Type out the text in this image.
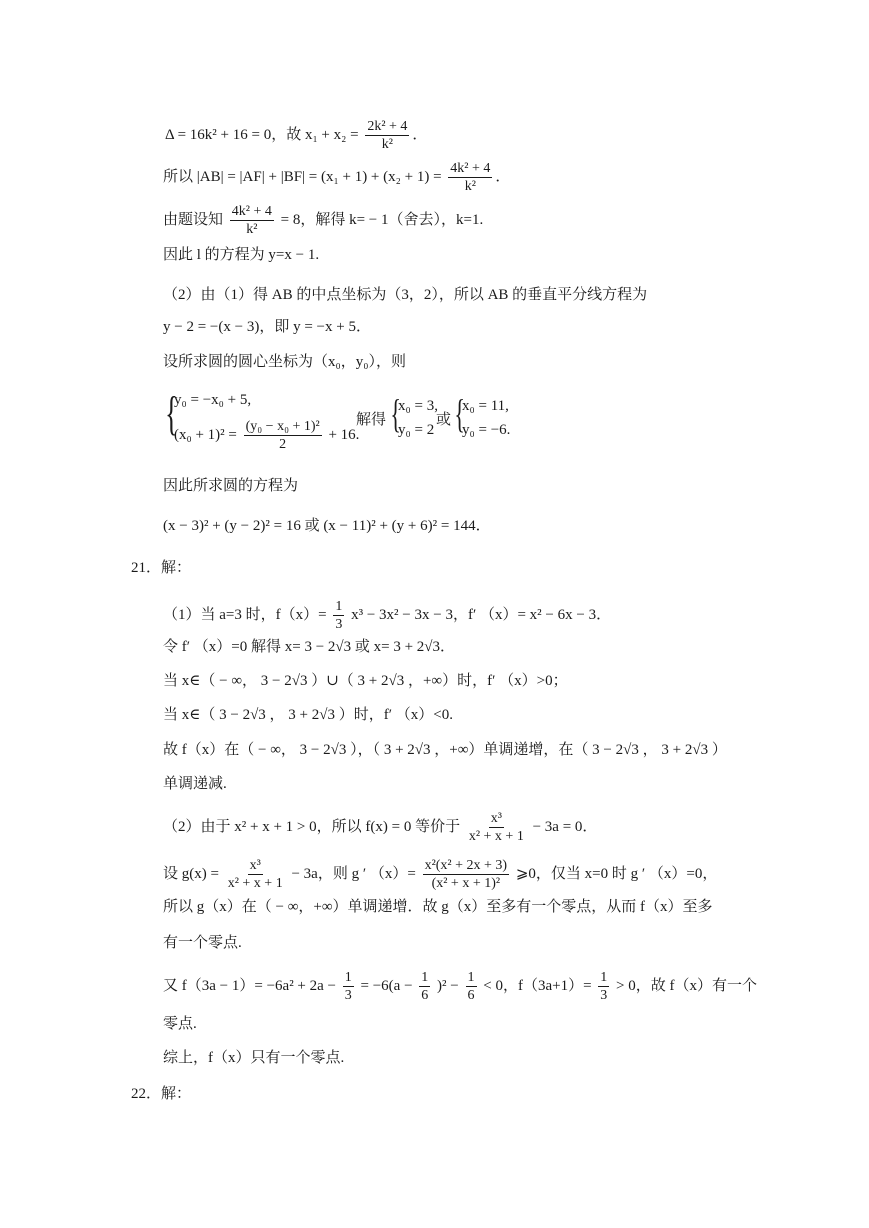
Δ = 16k² + 16 = 0，故 $x_1 + x_2 = \frac{\text{2k² + 4}}{\text{k²}}$ ．
所以 $|AB| = |AF| + |BF| = (x_1 + 1) + (x_2 + 1) = \frac{\text{4k² + 4}}{\text{k²}}$ ．
由题设知 $\frac{\text{4k² + 4}}{\text{k²}} = 8$，解得 k= − 1（舍去），k=1.
因此 l 的方程为 y=x − 1.
（2）由（1）得 AB 的中点坐标为（3，2），所以 AB 的垂直平分线方程为
y − 2 = −(x − 3)，即 y = −x + 5．
设所求圆的圆心坐标为（x₀，y₀），则
{
y₀ = −x₀ + 5,
$(x_0 + 1)^2 = \frac{\text{(y₀ − x₀ + 1)²}}{2} + 16$.
解得 {
x₀ = 3,
y₀ = 2
或 {
x₀ = 11,
y₀ = −6.
因此所求圆的方程为
(x − 3)² + (y − 2)² = 16 或 (x − 11)² + (y + 6)² = 144．
21．解：
（1）当 a=3 时，$f(x)= \frac{1}{3} x^3 - 3x^2 - 3x - 3$，f′ （x）= x² − 6x − 3．
令 f′ （x）=0 解得 x= 3 − 2√3 或 x= 3 + 2√3．
当 x∈（ − ∞， 3 − 2√3 ）∪（ 3 + 2√3 ，+∞）时，f′ （x）>0；
当 x∈（ 3 − 2√3 ， 3 + 2√3 ）时，f′ （x）<0.
故 f（x）在（ − ∞， 3 − 2√3 ），（ 3 + 2√3 ，+∞）单调递增，在（ 3 − 2√3 ， 3 + 2√3 ）
单调递减.
（2）由于 x² + x + 1 > 0，所以 f(x) = 0 等价于 $\frac{\text{x³}}{\text{x² + x + 1}} - 3a = 0$．
设 $g(x) = \frac{\text{x³}}{\text{x² + x + 1}} - 3a$，则 g ′ $(x)= \frac{\text{x²(x² + 2x + 3)}}{\text{(x² + x + 1)²}}$ ⩾0，仅当 x=0 时 g ′ （x）=0，
所以 g（x）在（ − ∞，+∞）单调递增．故 g（x）至多有一个零点，从而 f（x）至多
有一个零点.
又 $f(3a - 1)= -6a^2 + 2a - \frac{1}{3} = -6(a - \frac{1}{6} )^2 - \frac{1}{6} < 0$，$f(3a+1)= \frac{1}{3} > 0$，故 f（x）有一个
零点.
综上，f（x）只有一个零点.
22．解：
